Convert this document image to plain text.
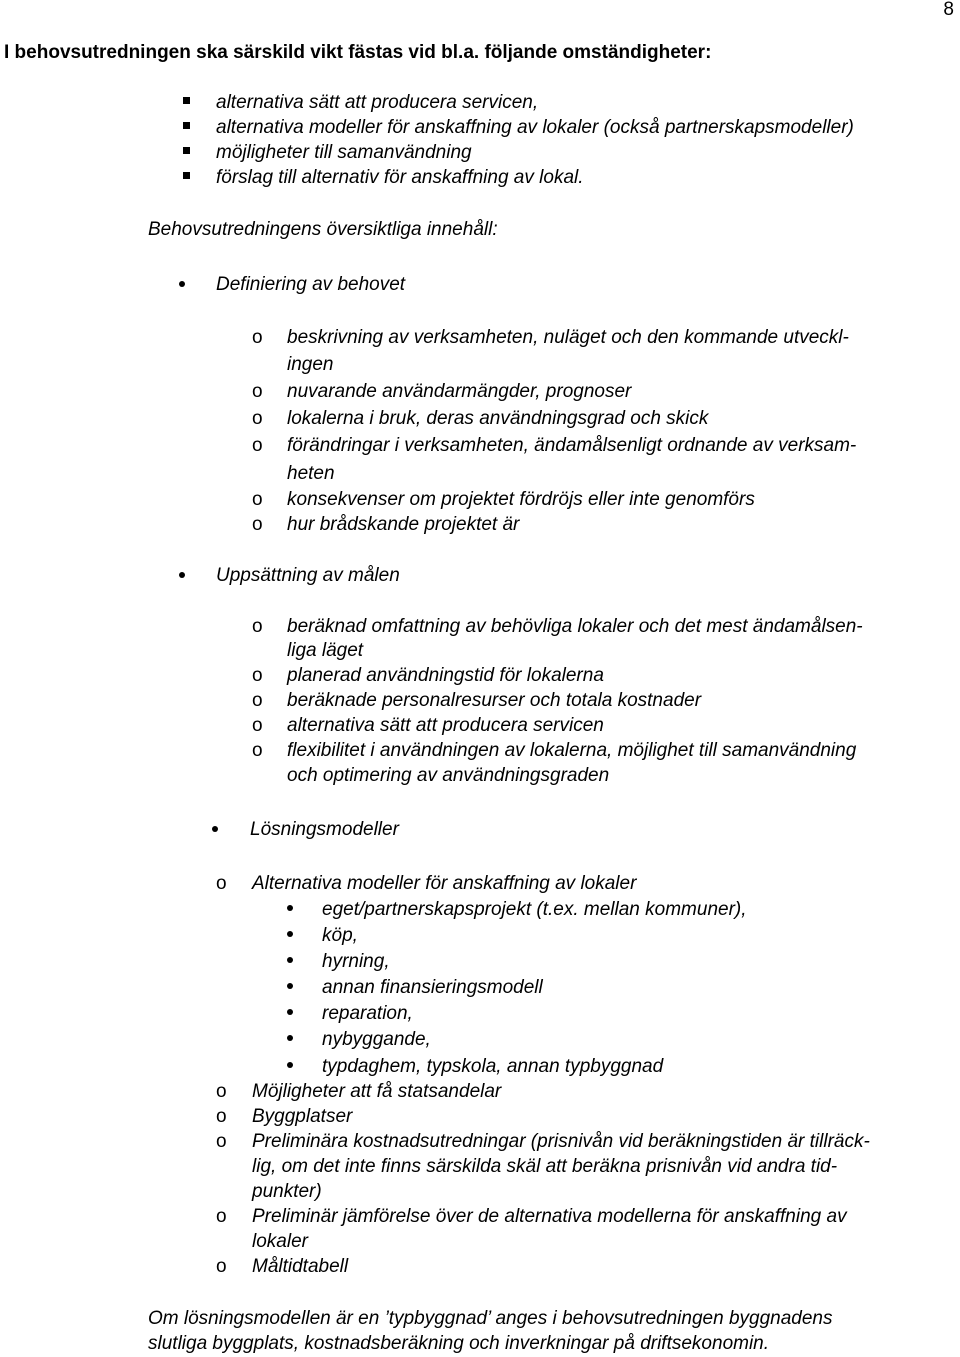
8
I behovsutredningen ska särskild vikt fästas vid bl.a. följande omständigheter:
alternativa sätt att producera servicen,
alternativa modeller för anskaffning av lokaler (också partnerskapsmodeller)
möjligheter till samanvändning
förslag till alternativ för anskaffning av lokal.
Behovsutredningens översiktliga innehåll:
Definiering av behovet
o beskrivning av verksamheten, nuläget och den kommande utveckl-
ingen
o nuvarande användarmängder, prognoser
o lokalerna i bruk, deras användningsgrad och skick
o förändringar i verksamheten, ändamålsenligt ordnande av verksam-
heten
o konsekvenser om projektet fördröjs eller inte genomförs
o hur brådskande projektet är
Uppsättning av målen
o beräknad omfattning av behövliga lokaler och det mest ändamålsen-
liga läget
o planerad användningstid för lokalerna
o beräknade personalresurser och totala kostnader
o alternativa sätt att producera servicen
o flexibilitet i användningen av lokalerna, möjlighet till samanvändning
och optimering av användningsgraden
Lösningsmodeller
o Alternativa modeller för anskaffning av lokaler
eget/partnerskapsprojekt (t.ex. mellan kommuner),
köp,
hyrning,
annan finansieringsmodell
reparation,
nybyggande,
typdaghem, typskola, annan typbyggnad
o Möjligheter att få statsandelar
o Byggplatser
o Preliminära kostnadsutredningar (prisnivån vid beräkningstiden är tillräck-
lig, om det inte finns särskilda skäl att beräkna prisnivån vid andra tid-
punkter)
o Preliminär jämförelse över de alternativa modellerna för anskaffning av
lokaler
o Måltidtabell
Om lösningsmodellen är en ’typbyggnad’ anges i behovsutredningen byggnadens
slutliga byggplats, kostnadsberäkning och inverkningar på driftsekonomin.
